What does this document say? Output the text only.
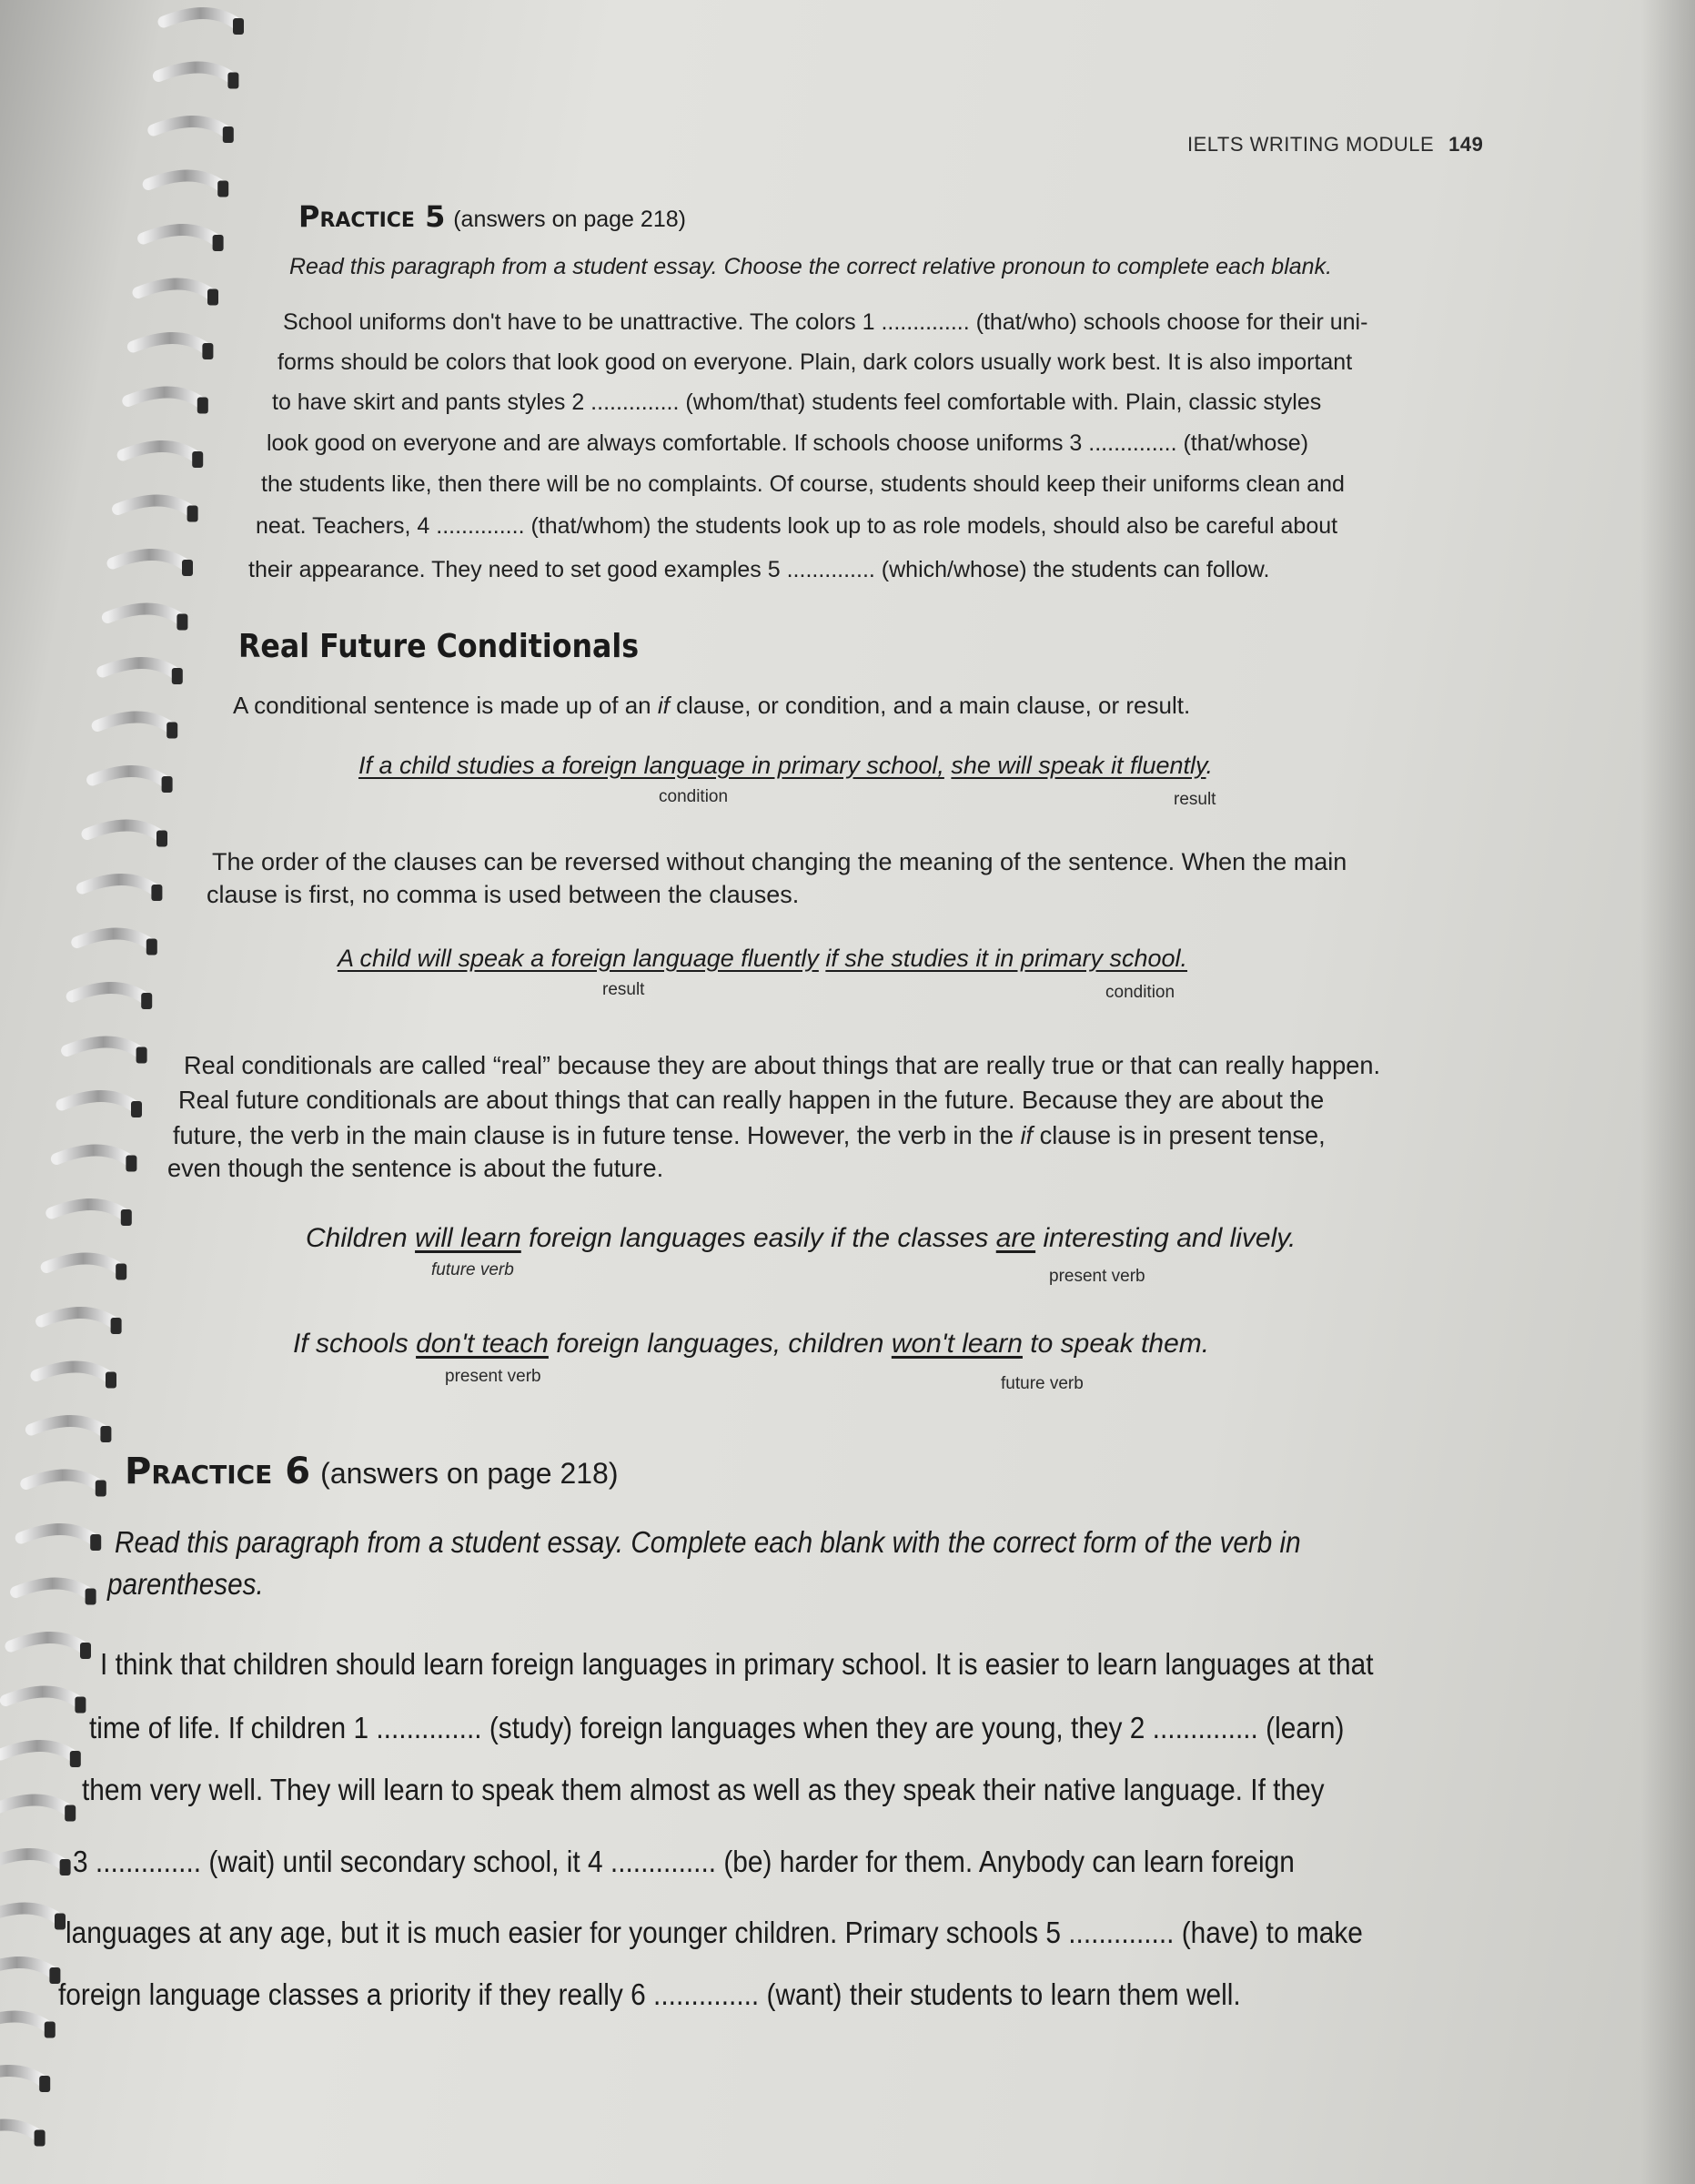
IELTS WRITING MODULE 149
Practice 5 (answers on page 218)
Read this paragraph from a student essay. Choose the correct relative pronoun to complete each blank.
School uniforms don't have to be unattractive. The colors 1 .............. (that/who) schools choose for their uni-
forms should be colors that look good on everyone. Plain, dark colors usually work best. It is also important
to have skirt and pants styles 2 .............. (whom/that) students feel comfortable with. Plain, classic styles
look good on everyone and are always comfortable. If schools choose uniforms 3 .............. (that/whose)
the students like, then there will be no complaints. Of course, students should keep their uniforms clean and
neat. Teachers, 4 .............. (that/whom) the students look up to as role models, should also be careful about
their appearance. They need to set good examples 5 .............. (which/whose) the students can follow.
Real Future Conditionals
A conditional sentence is made up of an if clause, or condition, and a main clause, or result.
If a child studies a foreign language in primary school, she will speak it fluently.
condition	result
The order of the clauses can be reversed without changing the meaning of the sentence. When the main
clause is first, no comma is used between the clauses.
A child will speak a foreign language fluently if she studies it in primary school.
result	condition
Real conditionals are called “real” because they are about things that are really true or that can really happen.
Real future conditionals are about things that can really happen in the future. Because they are about the
future, the verb in the main clause is in future tense. However, the verb in the if clause is in present tense,
even though the sentence is about the future.
Children will learn foreign languages easily if the classes are interesting and lively.
future verb	present verb
If schools don't teach foreign languages, children won't learn to speak them.
present verb	future verb
Practice 6 (answers on page 218)
Read this paragraph from a student essay. Complete each blank with the correct form of the verb in
parentheses.
I think that children should learn foreign languages in primary school. It is easier to learn languages at that
time of life. If children 1 .............. (study) foreign languages when they are young, they 2 .............. (learn)
them very well. They will learn to speak them almost as well as they speak their native language. If they
3 .............. (wait) until secondary school, it 4 .............. (be) harder for them. Anybody can learn foreign
languages at any age, but it is much easier for younger children. Primary schools 5 .............. (have) to make
foreign language classes a priority if they really 6 .............. (want) their students to learn them well.
